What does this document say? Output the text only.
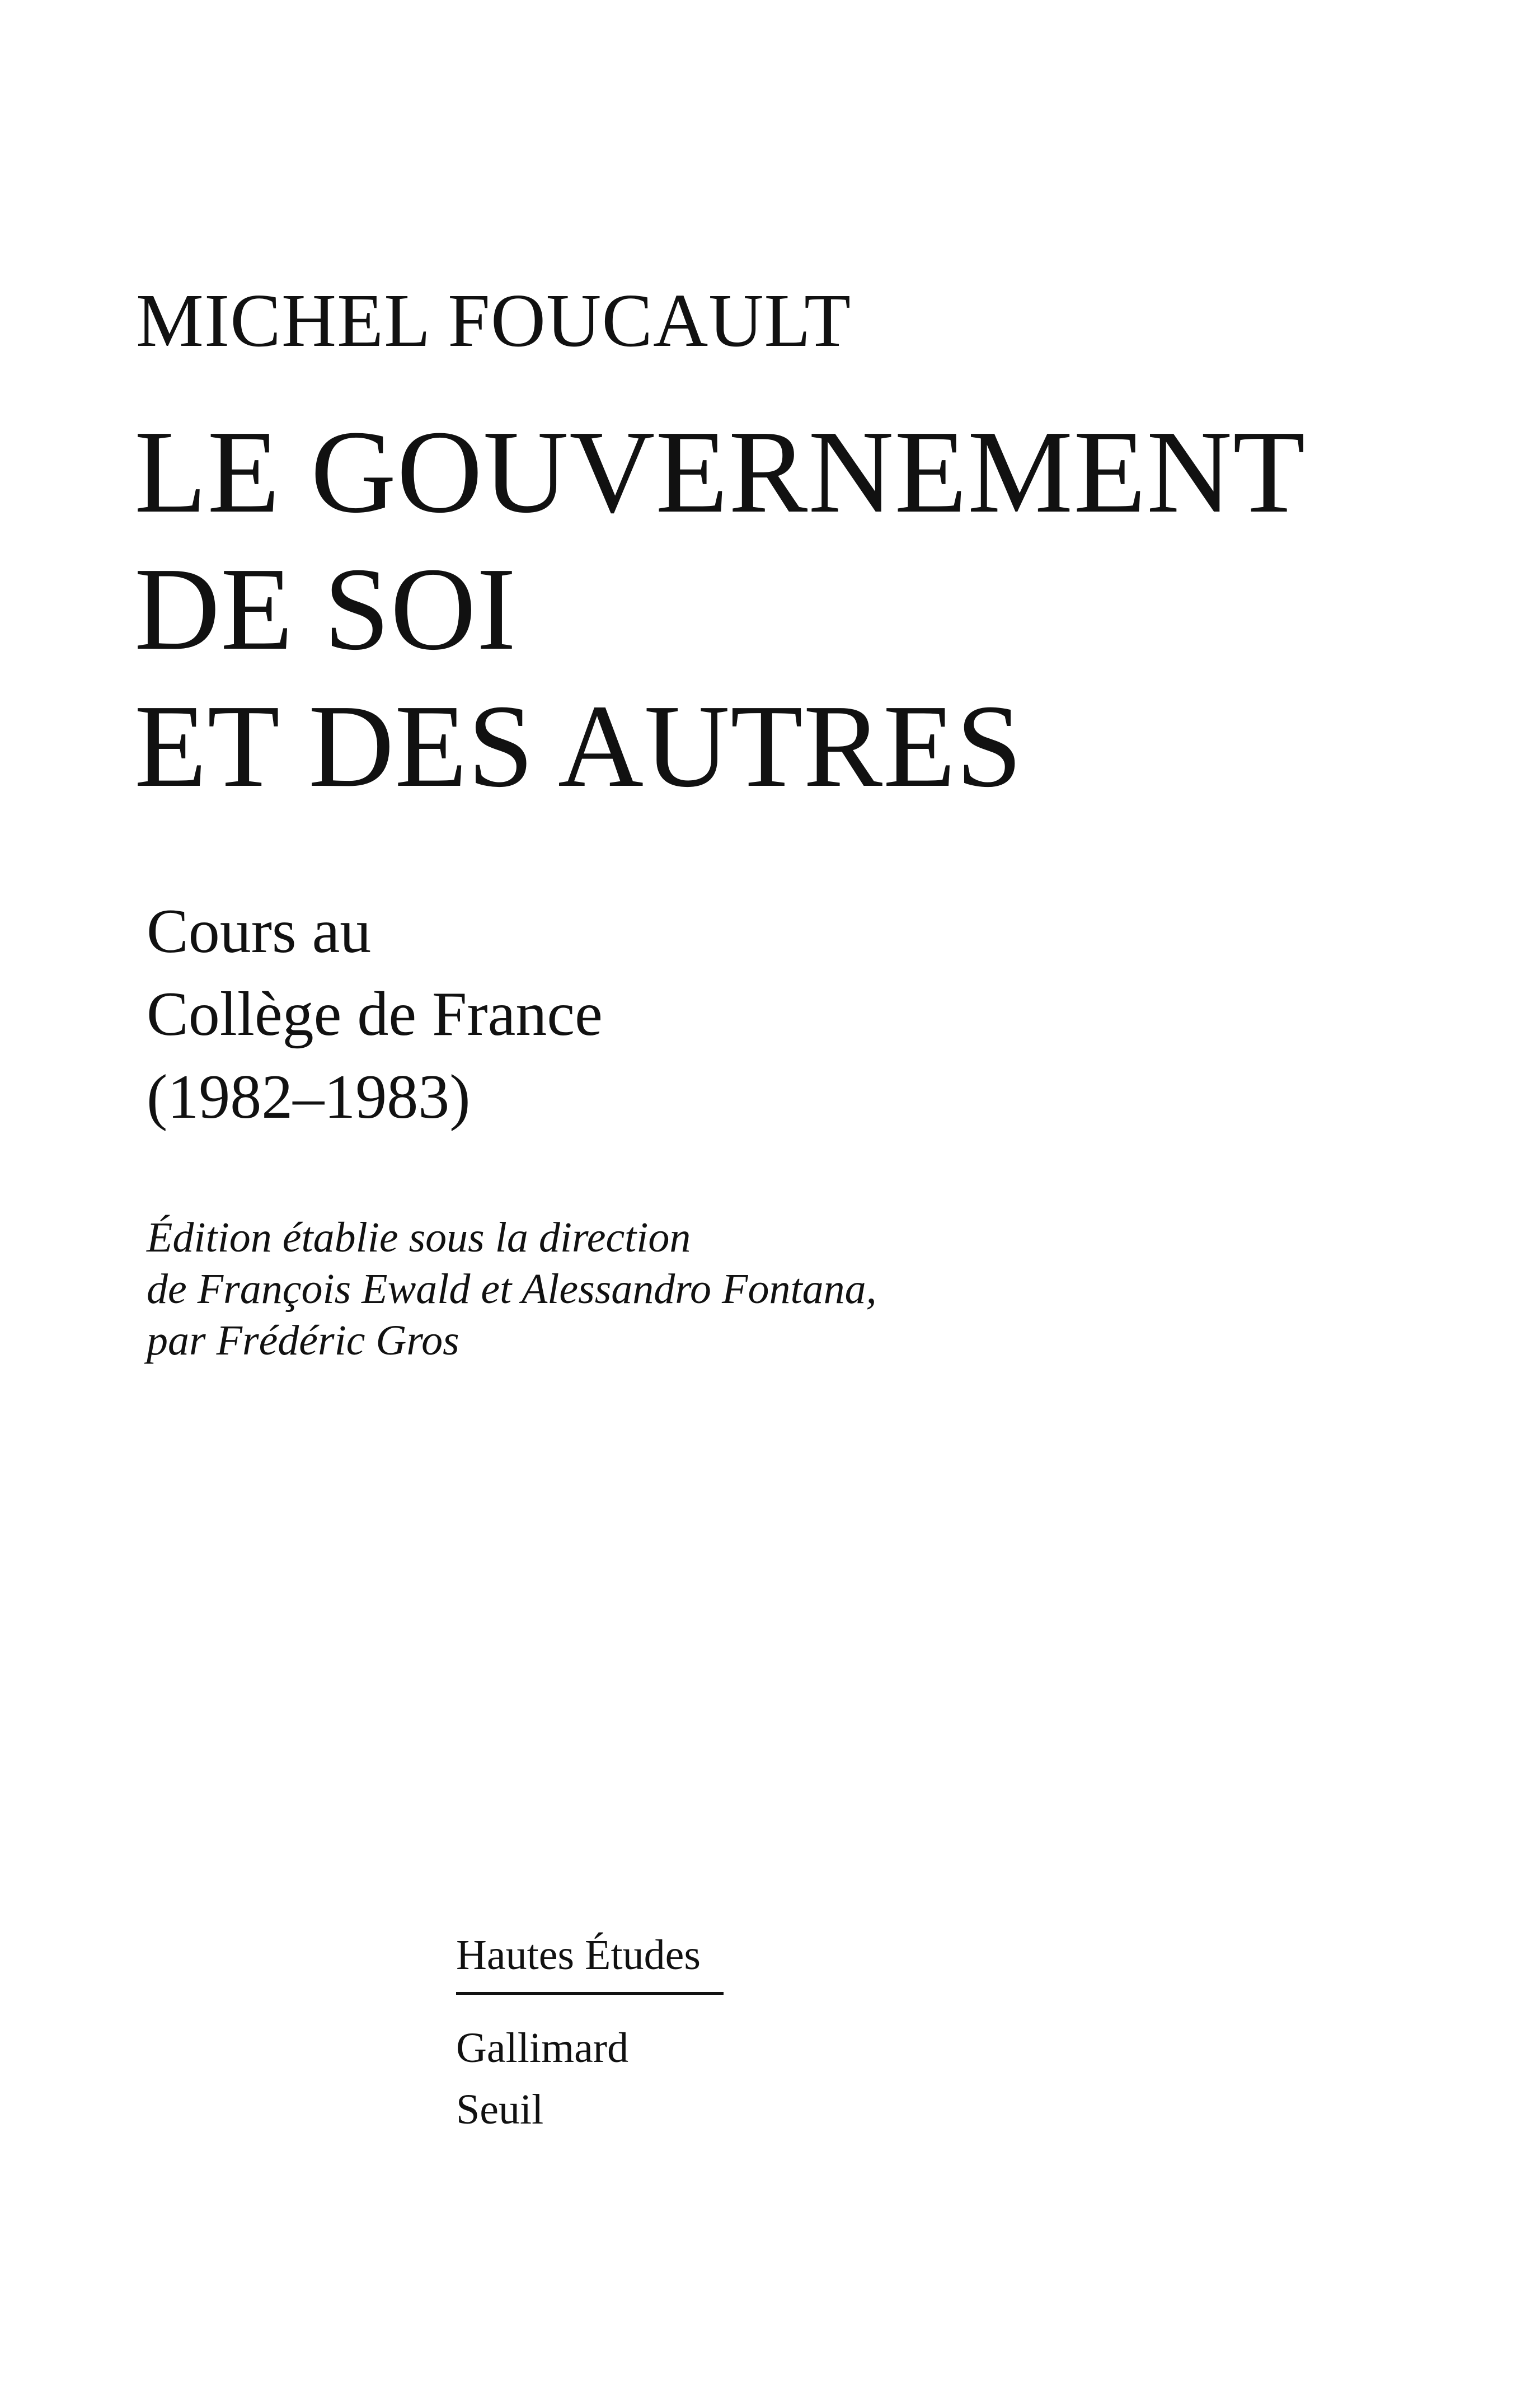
MICHEL FOUCAULT
LE GOUVERNEMENT
DE SOI
ET DES AUTRES
Cours au
Collège de France
(1982–1983)
Édition établie sous la direction
de François Ewald et Alessandro Fontana,
par Frédéric Gros
Hautes Études
Gallimard
Seuil
